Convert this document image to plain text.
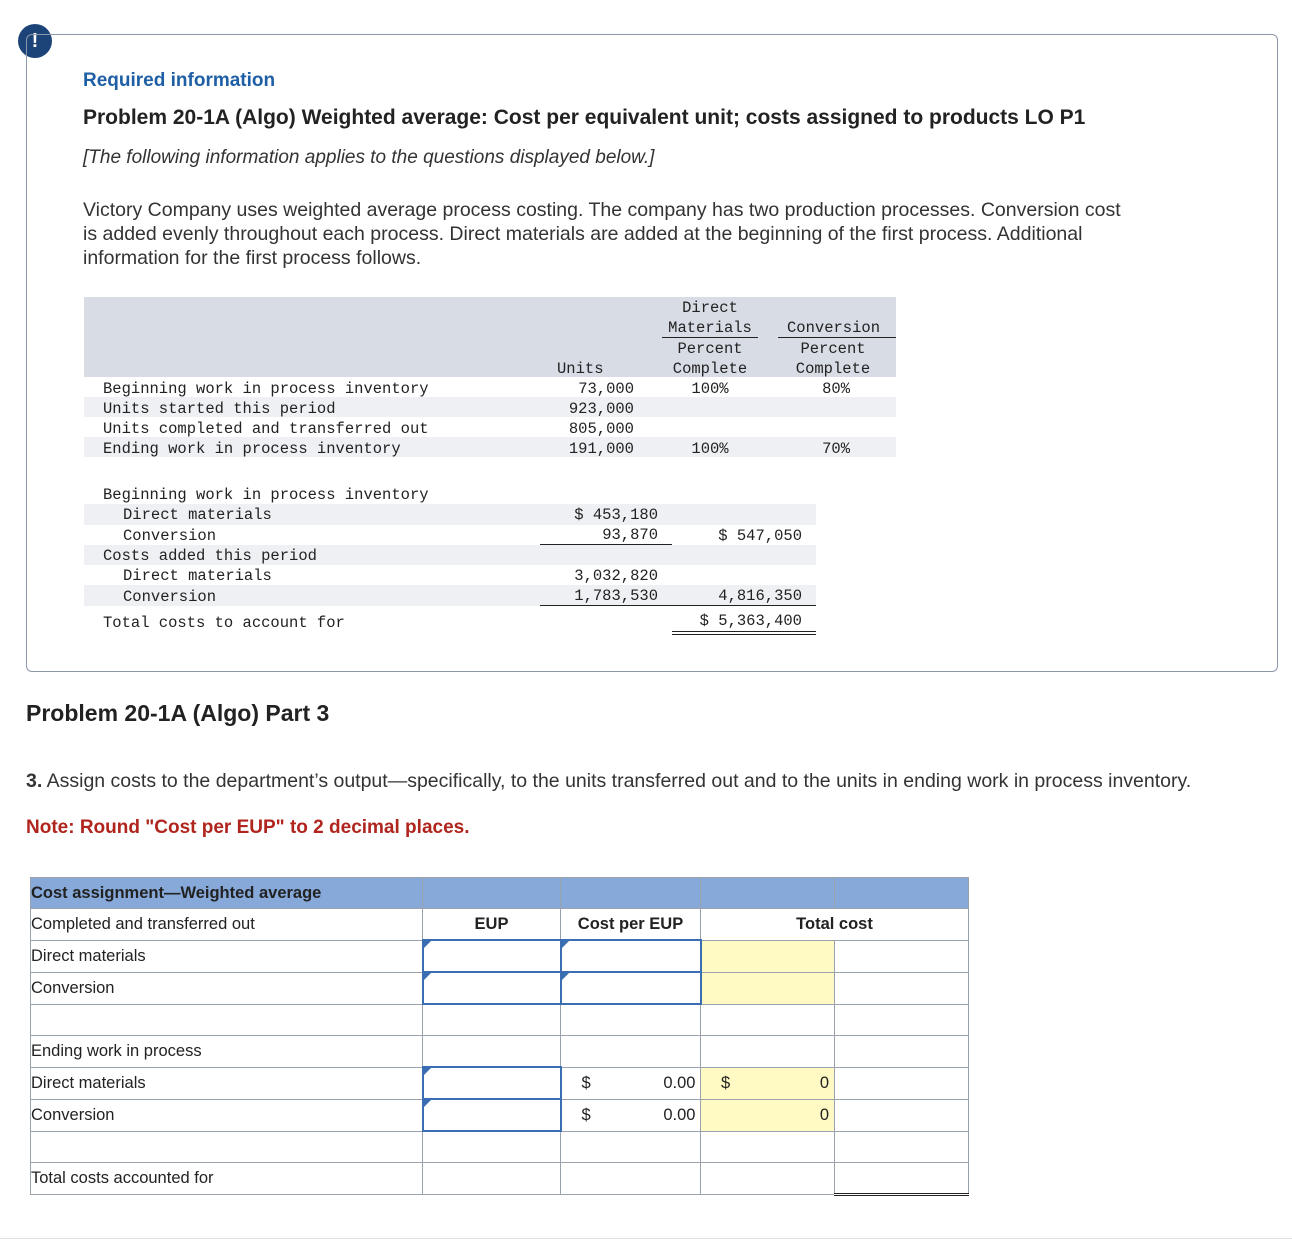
!
Required information
Problem 20-1A (Algo) Weighted average: Cost per equivalent unit; costs assigned to products LO P1
[The following information applies to the questions displayed below.]
Victory Company uses weighted average process costing. The company has two production processes. Conversion cost
is added evenly throughout each process. Direct materials are added at the beginning of the first process. Additional
information for the first process follows.
Direct
Materials	Conversion
Percent	Percent
Units	Complete	Complete
Beginning work in process inventory	73,000	100%	80%
Units started this period	923,000
Units completed and transferred out	805,000
Ending work in process inventory	191,000	100%	70%
Beginning work in process inventory
Direct materials	$ 453,180
Conversion	93,870	$ 547,050
Costs added this period
Direct materials	3,032,820
Conversion	1,783,530	4,816,350
Total costs to account for	$ 5,363,400
Problem 20-1A (Algo) Part 3
3. Assign costs to the department’s output—specifically, to the units transferred out and to the units in ending work in process inventory.
Note: Round "Cost per EUP" to 2 decimal places.
Cost assignment—Weighted average				
Completed and transferred out	EUP	Cost per EUP	Total cost	
Direct materials				
Conversion				

Ending work in process				
Direct materials		$ 0.00	$ 0	
Conversion		$ 0.00	0	

Total costs accounted for				
